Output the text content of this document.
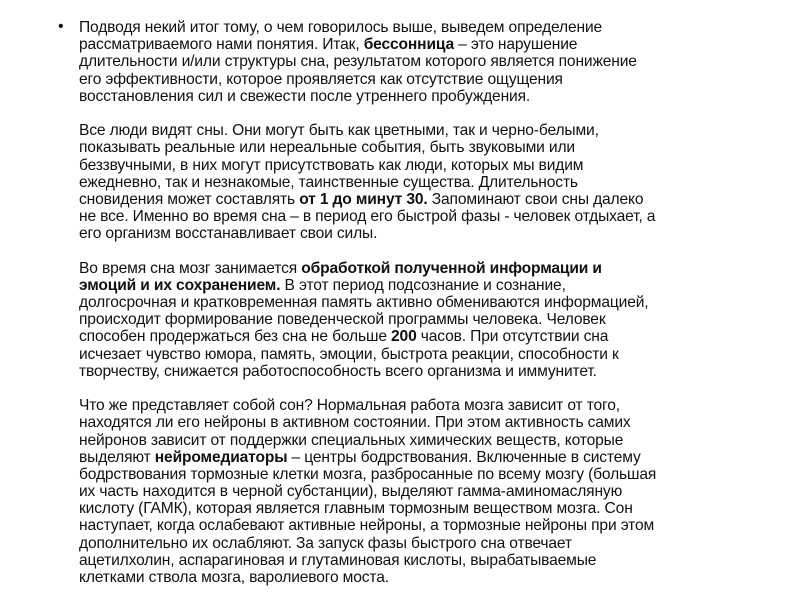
• Подводя некий итог тому, о чем говорилось выше, выведем определение
рассматриваемого нами понятия. Итак, бессонница – это нарушение
длительности и/или структуры сна, результатом которого является понижение
его эффективности, которое проявляется как отсутствие ощущения
восстановления сил и свежести после утреннего пробуждения.
Все люди видят сны. Они могут быть как цветными, так и черно-белыми,
показывать реальные или нереальные события, быть звуковыми или
беззвучными, в них могут присутствовать как люди, которых мы видим
ежедневно, так и незнакомые, таинственные существа. Длительность
сновидения может составлять от 1 до минут 30. Запоминают свои сны далеко
не все. Именно во время сна – в период его быстрой фазы - человек отдыхает, а
его организм восстанавливает свои силы.
Во время сна мозг занимается обработкой полученной информации и
эмоций и их сохранением. В этот период подсознание и сознание,
долгосрочная и кратковременная память активно обмениваются информацией,
происходит формирование поведенческой программы человека. Человек
способен продержаться без сна не больше 200 часов. При отсутствии сна
исчезает чувство юмора, память, эмоции, быстрота реакции, способности к
творчеству, снижается работоспособность всего организма и иммунитет.
Что же представляет собой сон? Нормальная работа мозга зависит от того,
находятся ли его нейроны в активном состоянии. При этом активность самих
нейронов зависит от поддержки специальных химических веществ, которые
выделяют нейромедиаторы – центры бодрствования. Включенные в систему
бодрствования тормозные клетки мозга, разбросанные по всему мозгу (большая
их часть находится в черной субстанции), выделяют гамма-аминомасляную
кислоту (ГАМК), которая является главным тормозным веществом мозга. Сон
наступает, когда ослабевают активные нейроны, а тормозные нейроны при этом
дополнительно их ослабляют. За запуск фазы быстрого сна отвечает
ацетилхолин, аспарагиновая и глутаминовая кислоты, вырабатываемые
клетками ствола мозга, варолиевого моста.
